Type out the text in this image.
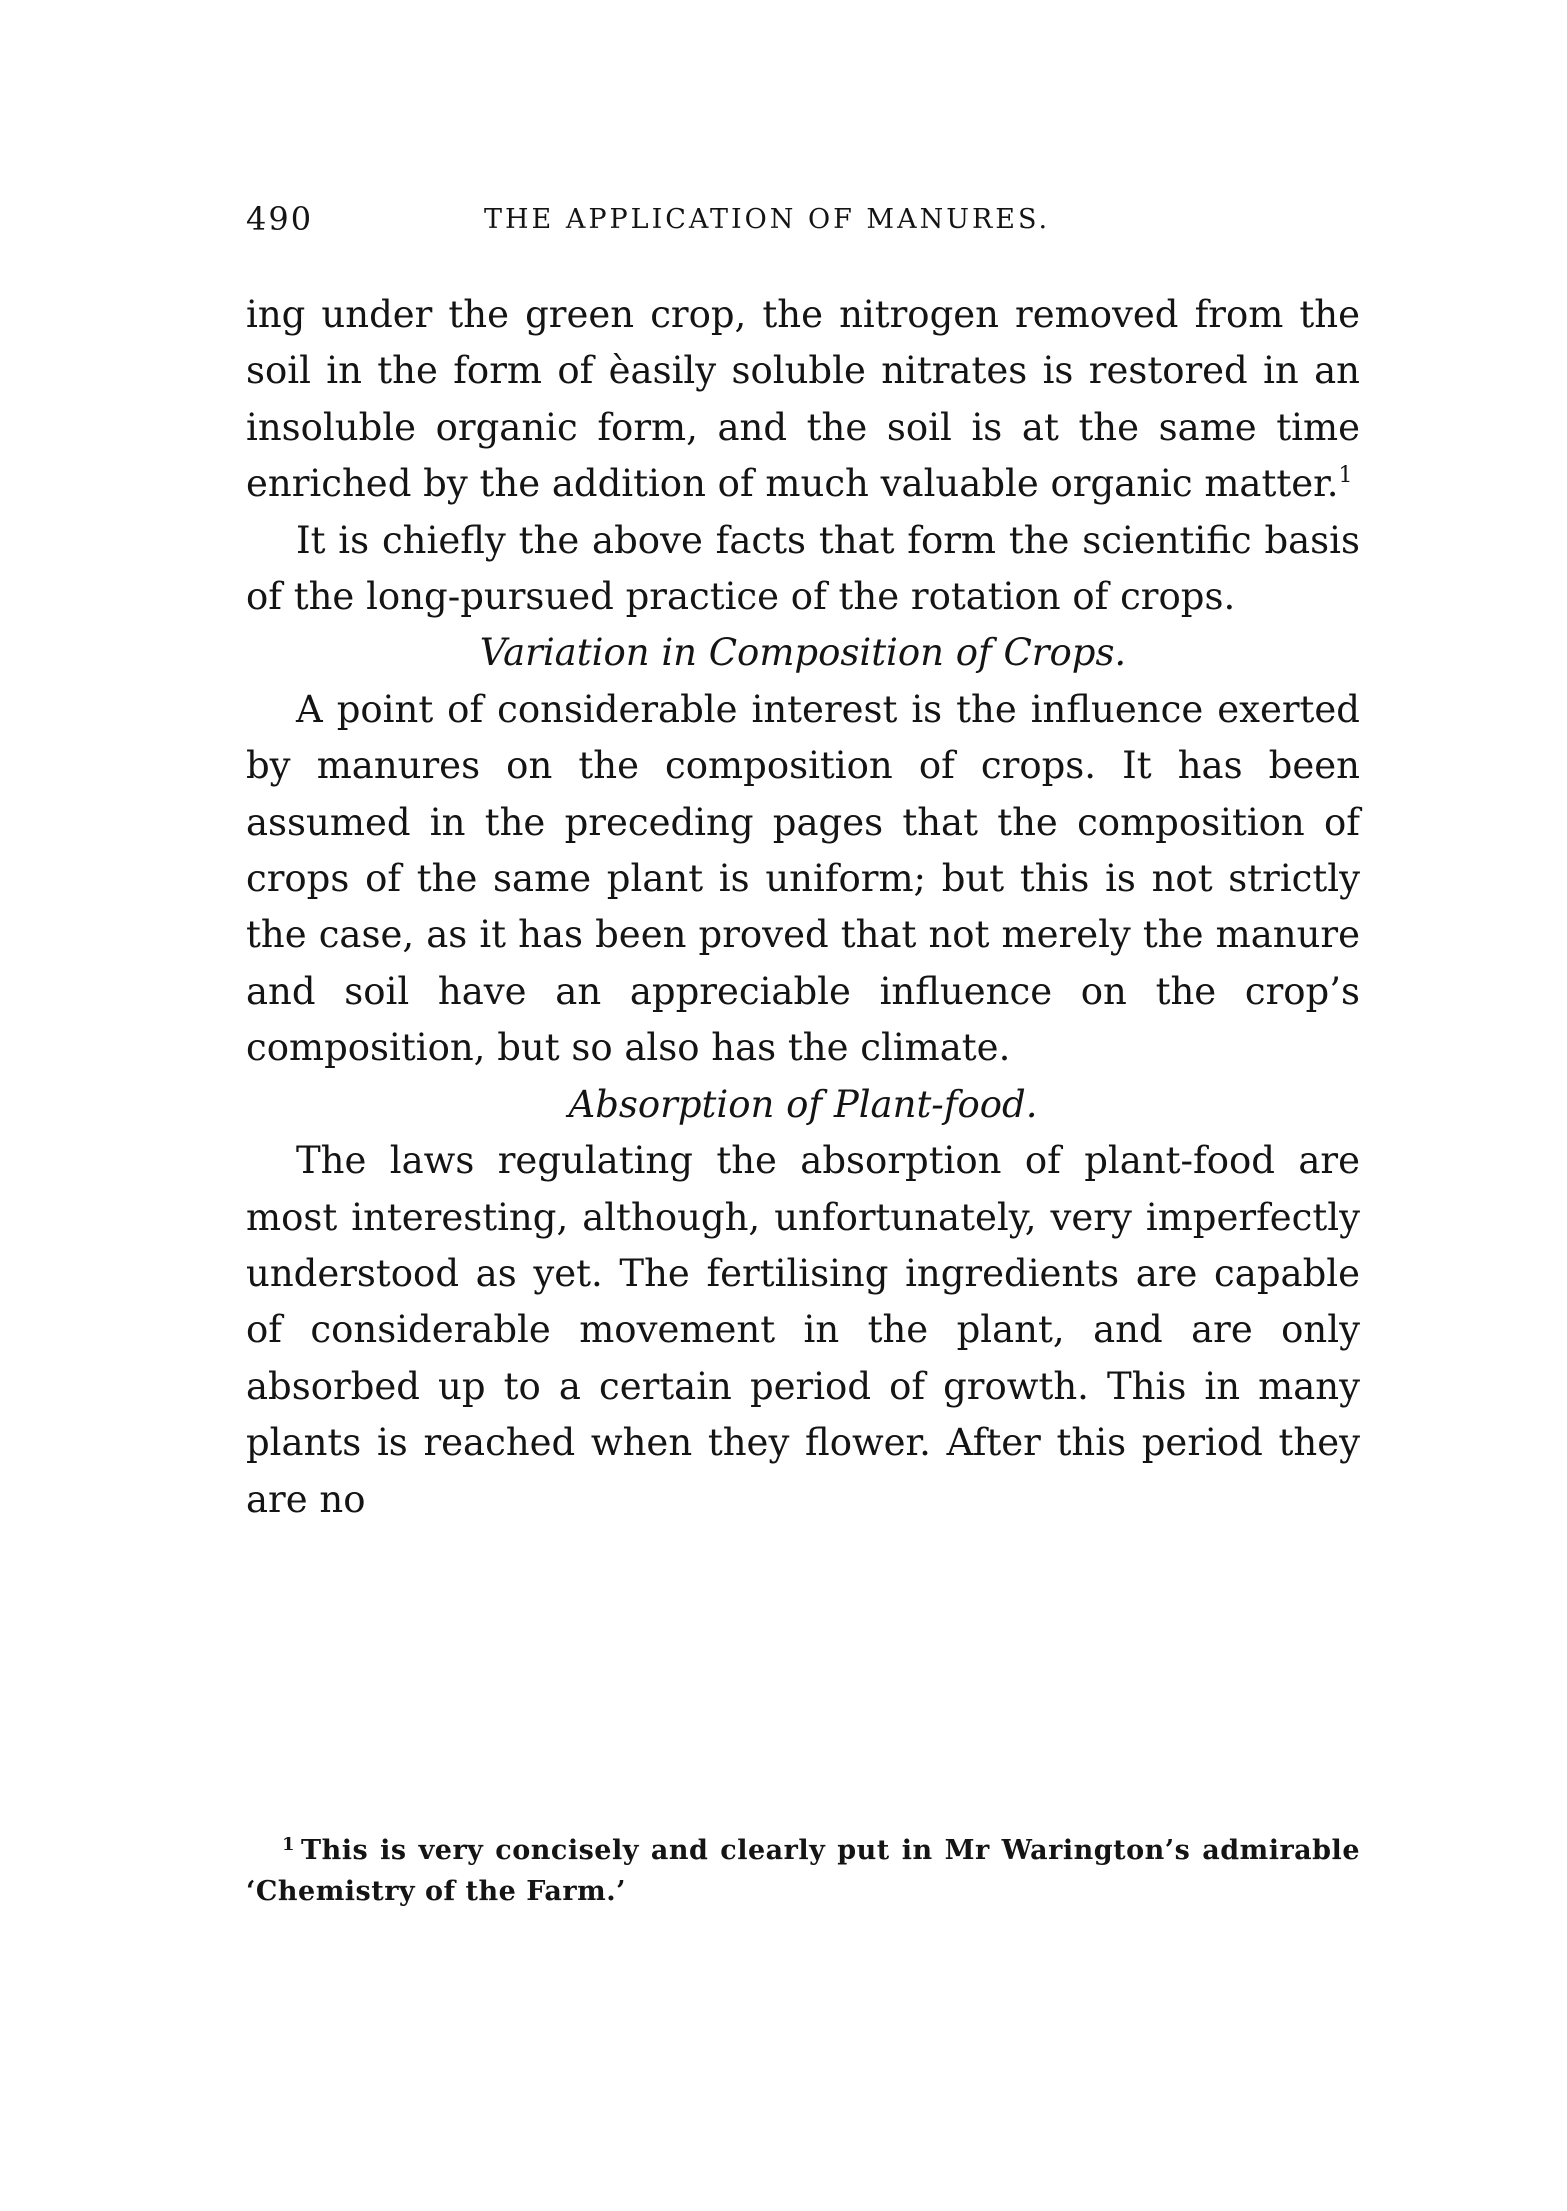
490	THE APPLICATION OF MANURES.

ing under the green crop, the nitrogen removed from the soil in the form of èasily soluble nitrates is restored in an insoluble organic form, and the soil is at the same time enriched by the addition of much valuable organic matter.$^1$

It is chiefly the above facts that form the scientific basis of the long-pursued practice of the rotation of crops.

Variation in Composition of Crops.

A point of considerable interest is the influence exerted by manures on the composition of crops. It has been assumed in the preceding pages that the composition of crops of the same plant is uniform; but this is not strictly the case, as it has been proved that not merely the manure and soil have an appreciable influence on the crop’s composition, but so also has the climate.

Absorption of Plant-food.

The laws regulating the absorption of plant-food are most interesting, although, unfortunately, very imperfectly understood as yet. The fertilising ingredients are capable of considerable movement in the plant, and are only absorbed up to a certain period of growth. This in many plants is reached when they flower. After this period they are no

$^1$ This is very concisely and clearly put in Mr Warington’s admirable ‘Chemistry of the Farm.’
